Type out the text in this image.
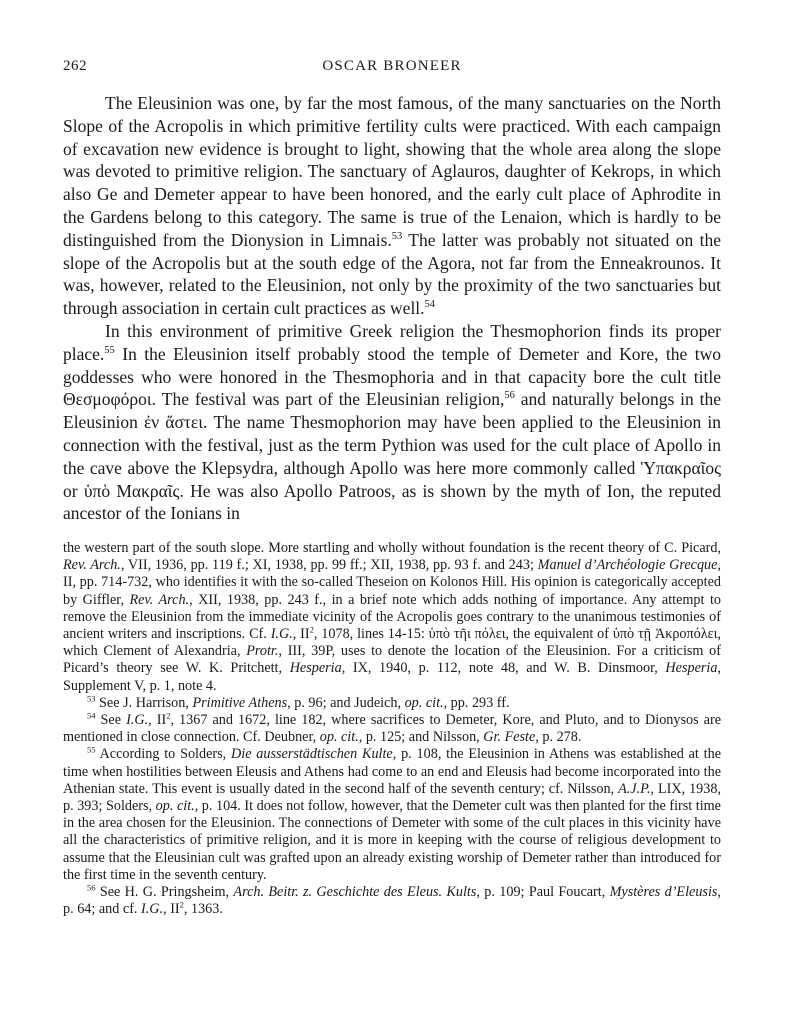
262	OSCAR BRONEER

The Eleusinion was one, by far the most famous, of the many sanctuaries on the North Slope of the Acropolis in which primitive fertility cults were practiced. With each campaign of excavation new evidence is brought to light, showing that the whole area along the slope was devoted to primitive religion. The sanctuary of Aglauros, daughter of Kekrops, in which also Ge and Demeter appear to have been honored, and the early cult place of Aphrodite in the Gardens belong to this category. The same is true of the Lenaion, which is hardly to be distinguished from the Dionysion in Limnais.$^{53}$ The latter was probably not situated on the slope of the Acropolis but at the south edge of the Agora, not far from the Enneakrounos. It was, however, related to the Eleusinion, not only by the proximity of the two sanctuaries but through association in certain cult practices as well.$^{54}$

In this environment of primitive Greek religion the Thesmophorion finds its proper place.$^{55}$ In the Eleusinion itself probably stood the temple of Demeter and Kore, the two goddesses who were honored in the Thesmophoria and in that capacity bore the cult title Θεσμοφόροι. The festival was part of the Eleusinian religion,$^{56}$ and naturally belongs in the Eleusinion ἐν ἄστει. The name Thesmophorion may have been applied to the Eleusinion in connection with the festival, just as the term Pythion was used for the cult place of Apollo in the cave above the Klepsydra, although Apollo was here more commonly called Ὑπακραῖος or ὑπὸ Μακραῖς. He was also Apollo Patroos, as is shown by the myth of Ion, the reputed ancestor of the Ionians in

the western part of the south slope. More startling and wholly without foundation is the recent theory of C. Picard, Rev. Arch., VII, 1936, pp. 119 f.; XI, 1938, pp. 99 ff.; XII, 1938, pp. 93 f. and 243; Manuel d’Archéologie Grecque, II, pp. 714-732, who identifies it with the so-called Theseion on Kolonos Hill. His opinion is categorically accepted by Giffler, Rev. Arch., XII, 1938, pp. 243 f., in a brief note which adds nothing of importance. Any attempt to remove the Eleusinion from the immediate vicinity of the Acropolis goes contrary to the unanimous testimonies of ancient writers and inscriptions. Cf. I.G., $II^2$, 1078, lines 14-15: ὑπὸ τῆι πόλει, the equivalent of ὑπὸ τῇ Ἀκροπόλει, which Clement of Alexandria, Protr., III, 39P, uses to denote the location of the Eleusinion. For a criticism of Picard’s theory see W. K. Pritchett, Hesperia, IX, 1940, p. 112, note 48, and W. B. Dinsmoor, Hesperia, Supplement V, p. 1, note 4.

$^{53}$ See J. Harrison, Primitive Athens, p. 96; and Judeich, op. cit., pp. 293 ff.

$^{54}$ See I.G., $II^2$, 1367 and 1672, line 182, where sacrifices to Demeter, Kore, and Pluto, and to Dionysos are mentioned in close connection. Cf. Deubner, op. cit., p. 125; and Nilsson, Gr. Feste, p. 278.

$^{55}$ According to Solders, Die ausserstädtischen Kulte, p. 108, the Eleusinion in Athens was established at the time when hostilities between Eleusis and Athens had come to an end and Eleusis had become incorporated into the Athenian state. This event is usually dated in the second half of the seventh century; cf. Nilsson, A.J.P., LIX, 1938, p. 393; Solders, op. cit., p. 104. It does not follow, however, that the Demeter cult was then planted for the first time in the area chosen for the Eleusinion. The connections of Demeter with some of the cult places in this vicinity have all the characteristics of primitive religion, and it is more in keeping with the course of religious development to assume that the Eleusinian cult was grafted upon an already existing worship of Demeter rather than introduced for the first time in the seventh century.

$^{56}$ See H. G. Pringsheim, Arch. Beitr. z. Geschichte des Eleus. Kults, p. 109; Paul Foucart, Mystères d’Eleusis, p. 64; and cf. I.G., $II^2$, 1363.
